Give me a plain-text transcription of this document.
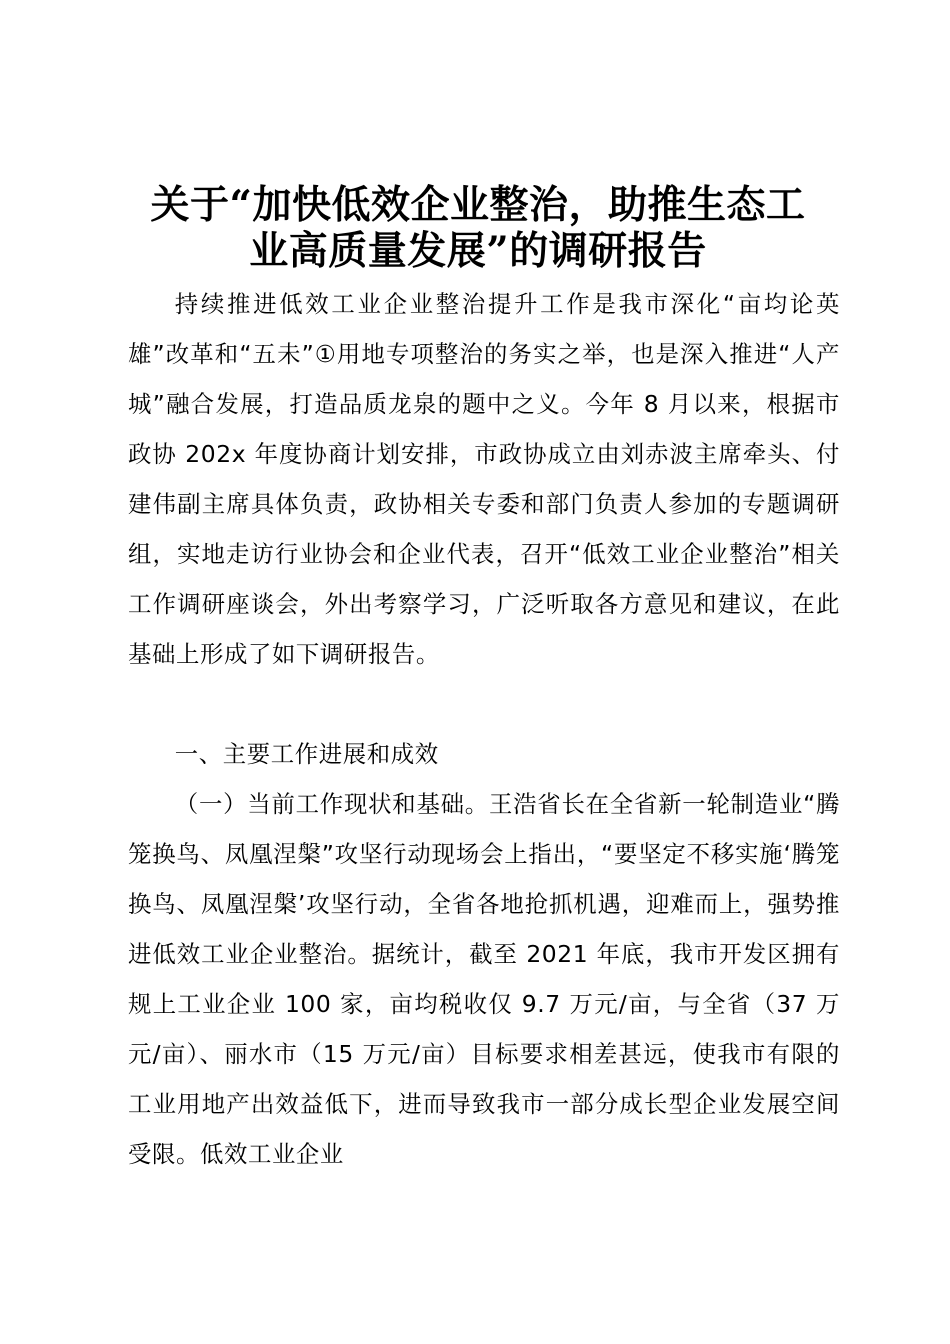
关于“加快低效企业整治，助推生态工
业高质量发展”的调研报告

持续推进低效工业企业整治提升工作是我市深化“亩均论英雄”改革和“五未”①用地专项整治的务实之举，也是深入推进“人产城”融合发展，打造品质龙泉的题中之义。今年 8 月以来，根据市政协 202x 年度协商计划安排，市政协成立由刘赤波主席牵头、付建伟副主席具体负责，政协相关专委和部门负责人参加的专题调研组，实地走访行业协会和企业代表，召开“低效工业企业整治”相关工作调研座谈会，外出考察学习，广泛听取各方意见和建议，在此基础上形成了如下调研报告。

一、主要工作进展和成效

（一）当前工作现状和基础。王浩省长在全省新一轮制造业“腾笼换鸟、凤凰涅槃”攻坚行动现场会上指出，“要坚定不移实施‘腾笼换鸟、凤凰涅槃’攻坚行动，全省各地抢抓机遇，迎难而上，强势推进低效工业企业整治。据统计，截至 2021 年底，我市开发区拥有规上工业企业 100 家，亩均税收仅 9.7 万元/亩，与全省（37 万元/亩）、丽水市（15 万元/亩）目标要求相差甚远，使我市有限的工业用地产出效益低下，进而导致我市一部分成长型企业发展空间受限。低效工业企业
